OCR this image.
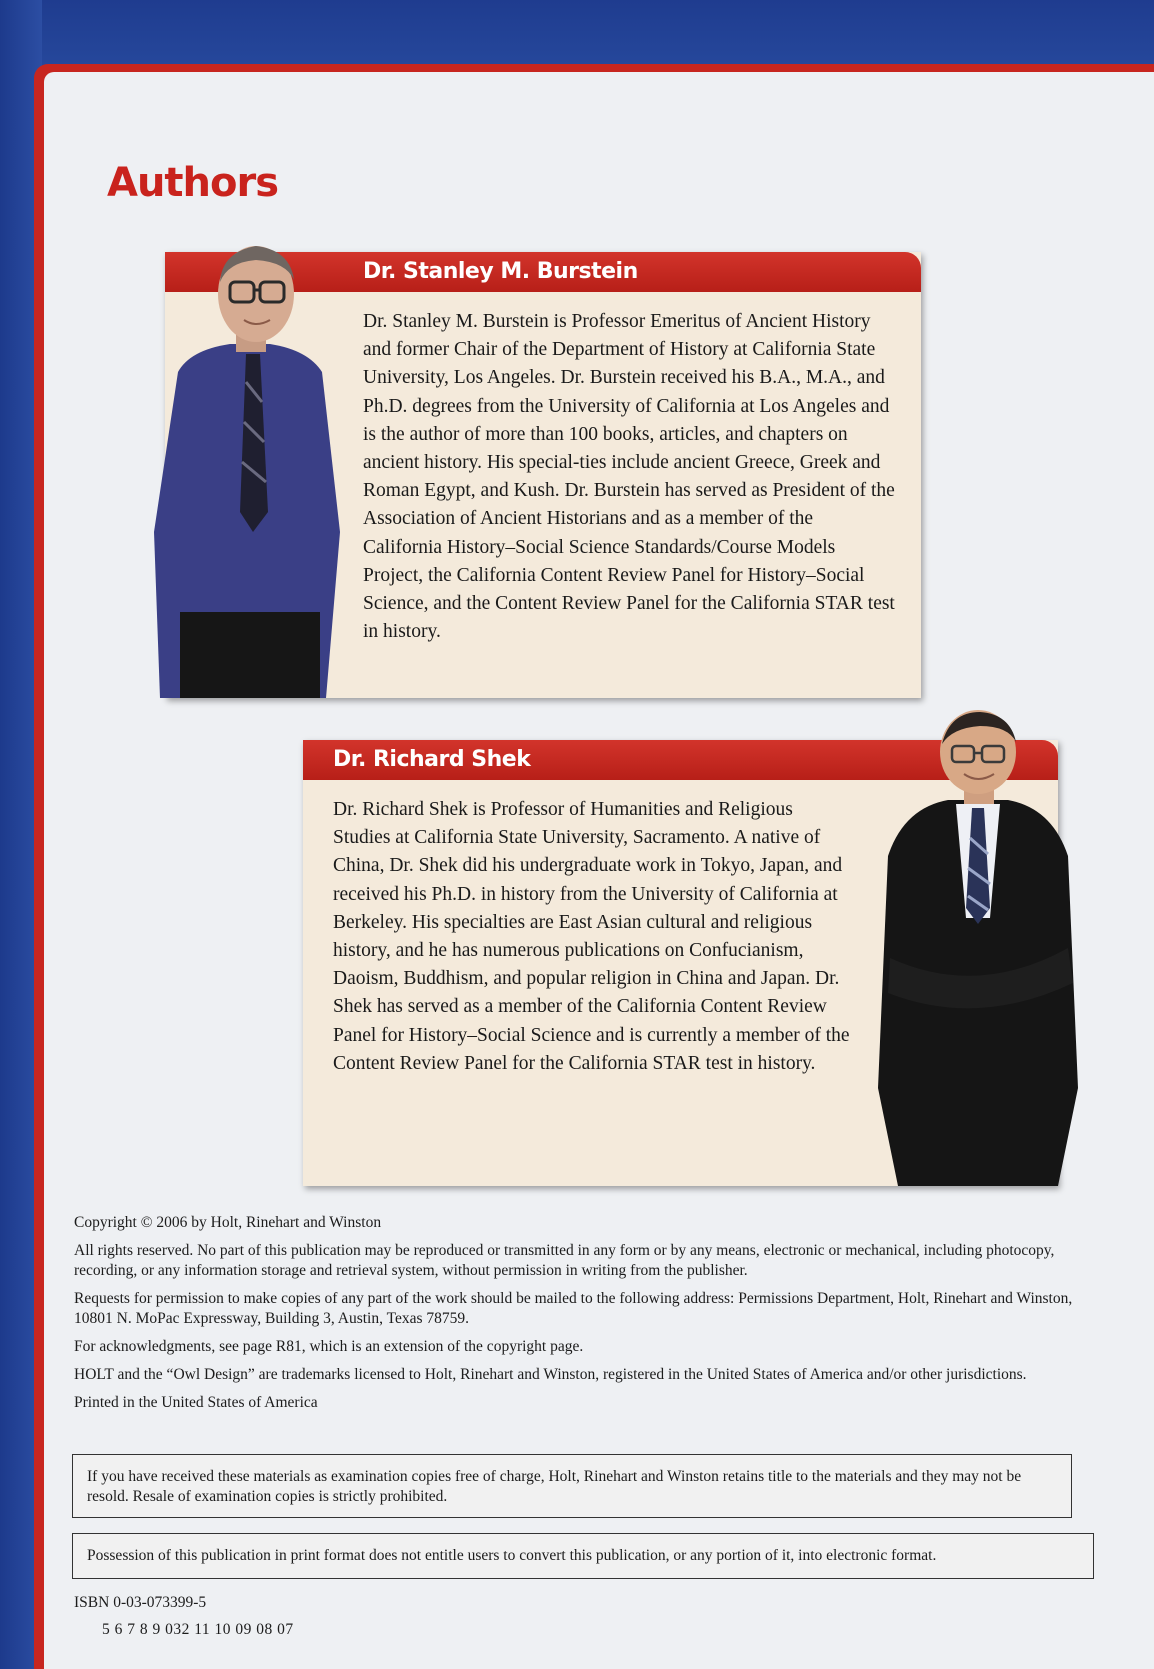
Authors
Dr. Stanley M. Burstein

Dr. Stanley M. Burstein is Professor Emeritus of Ancient History and former Chair of the Department of History at California State University, Los Angeles. Dr. Burstein received his B.A., M.A., and Ph.D. degrees from the University of California at Los Angeles and is the author of more than 100 books, articles, and chapters on ancient history. His special-ties include ancient Greece, Greek and Roman Egypt, and Kush. Dr. Burstein has served as President of the Association of Ancient Historians and as a member of the California History–Social Science Standards/Course Models Project, the California Content Review Panel for History–Social Science, and the Content Review Panel for the California STAR test in history.

Dr. Richard Shek

Dr. Richard Shek is Professor of Humanities and Religious Studies at California State University, Sacramento. A native of China, Dr. Shek did his undergraduate work in Tokyo, Japan, and received his Ph.D. in history from the University of California at Berkeley. His specialties are East Asian cultural and religious history, and he has numerous publications on Confucianism, Daoism, Buddhism, and popular religion in China and Japan. Dr. Shek has served as a member of the California Content Review Panel for History–Social Science and is currently a member of the Content Review Panel for the California STAR test in history.

Copyright © 2006 by Holt, Rinehart and Winston

All rights reserved. No part of this publication may be reproduced or transmitted in any form or by any means, electronic or mechanical, including photocopy, recording, or any information storage and retrieval system, without permission in writing from the publisher.

Requests for permission to make copies of any part of the work should be mailed to the following address: Permissions Department, Holt, Rinehart and Winston, 10801 N. MoPac Expressway, Building 3, Austin, Texas 78759.

For acknowledgments, see page R81, which is an extension of the copyright page.

HOLT and the “Owl Design” are trademarks licensed to Holt, Rinehart and Winston, registered in the United States of America and/or other jurisdictions.

Printed in the United States of America

If you have received these materials as examination copies free of charge, Holt, Rinehart and Winston retains title to the materials and they may not be resold. Resale of examination copies is strictly prohibited.
Possession of this publication in print format does not entitle users to convert this publication, or any portion of it, into electronic format.
ISBN 0-03-073399-5
5 6 7 8 9 032 11 10 09 08 07
